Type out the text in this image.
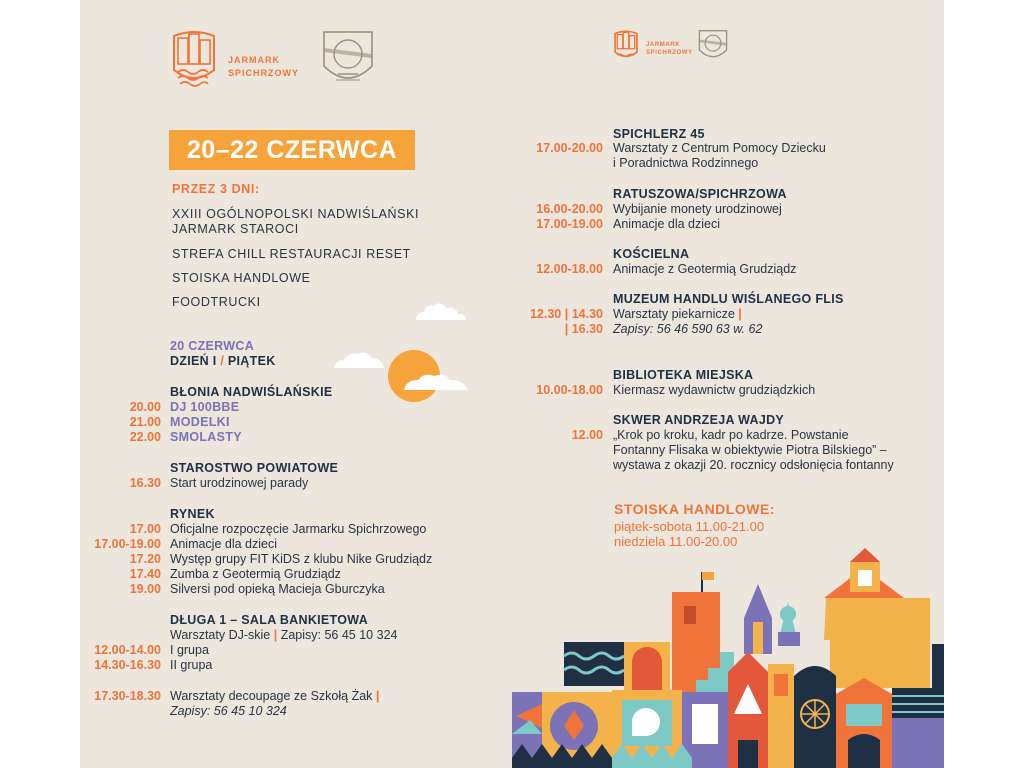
JARMARK
SPICHRZOWY
20–22 CZERWCA
PRZEZ 3 DNI:
XXIII OGÓLNOPOLSKI NADWIŚLAŃSKI
JARMARK STAROCI
STREFA CHILL RESTAURACJI RESET
STOISKA HANDLOWE
FOODTRUCKI
20 CZERWCA
DZIEŃ I / PIĄTEK
BŁONIA NADWIŚLAŃSKIE
20.00 DJ 100BBE
21.00 MODELKI
22.00 SMOLASTY
STAROSTWO POWIATOWE
16.30 Start urodzinowej parady
RYNEK
17.00 Oficjalne rozpoczęcie Jarmarku Spichrzowego
17.00-19.00 Animacje dla dzieci
17.20 Występ grupy FIT KiDS z klubu Nike Grudziądz
17.40 Zumba z Geotermią Grudziądz
19.00 Silversi pod opieką Macieja Gburczyka
DŁUGA 1 – SALA BANKIETOWA
Warsztaty DJ-skie | Zapisy: 56 45 10 324
12.00-14.00 I grupa
14.30-16.30 II grupa
17.30-18.30 Warsztaty decoupage ze Szkołą Żak |
Zapisy: 56 45 10 324
JARMARK
SPICHRZOWY
SPICHLERZ 45
17.00-20.00 Warsztaty z Centrum Pomocy Dziecku
i Poradnictwa Rodzinnego
RATUSZOWA/SPICHRZOWA
16.00-20.00 Wybijanie monety urodzinowej
17.00-19.00 Animacje dla dzieci
KOŚCIELNA
12.00-18.00 Animacje z Geotermią Grudziądz
MUZEUM HANDLU WIŚLANEGO FLIS
12.30 | 14.30
| 16.30
Warsztaty piekarnicze |
Zapisy: 56 46 590 63 w. 62
BIBLIOTEKA MIEJSKA
10.00-18.00 Kiermasz wydawnictw grudziądzkich
SKWER ANDRZEJA WAJDY
12.00 „Krok po kroku, kadr po kadrze. Powstanie
Fontanny Flisaka w obiektywie Piotra Bilskiego” –
wystawa z okazji 20. rocznicy odsłonięcia fontanny
STOISKA HANDLOWE:
piątek-sobota 11.00-21.00
niedziela 11.00-20.00
